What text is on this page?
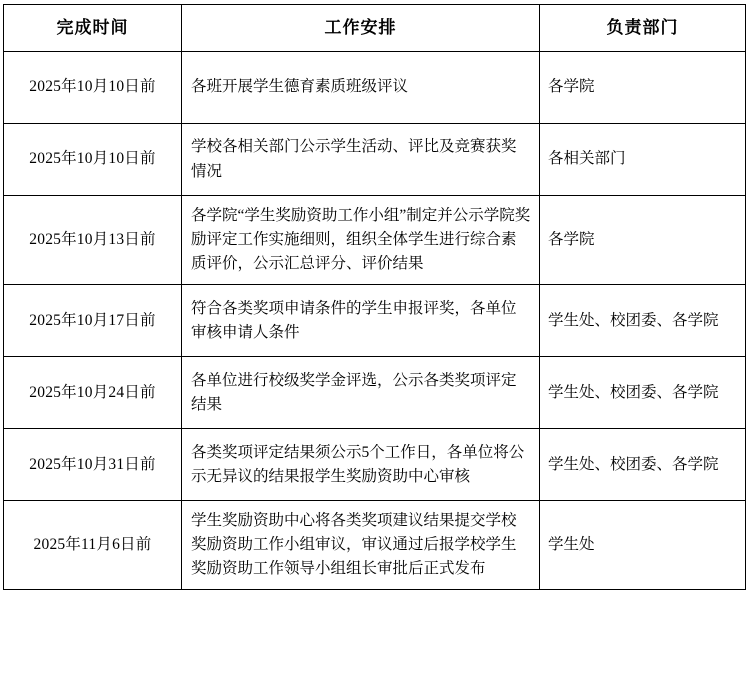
完成时间	工作安排	负责部门
2025年10月10日前	各班开展学生德育素质班级评议	各学院
2025年10月10日前	学校各相关部门公示学生活动、评比及竞赛获奖情况	各相关部门
2025年10月13日前	各学院“学生奖励资助工作小组”制定并公示学院奖励评定工作实施细则，组织全体学生进行综合素质评价，公示汇总评分、评价结果	各学院
2025年10月17日前	符合各类奖项申请条件的学生申报评奖，各单位审核申请人条件	学生处、校团委、各学院
2025年10月24日前	各单位进行校级奖学金评选，公示各类奖项评定结果	学生处、校团委、各学院
2025年10月31日前	各类奖项评定结果须公示5个工作日，各单位将公示无异议的结果报学生奖励资助中心审核	学生处、校团委、各学院
2025年11月6日前	学生奖励资助中心将各类奖项建议结果提交学校奖励资助工作小组审议，审议通过后报学校学生奖励资助工作领导小组组长审批后正式发布	学生处
